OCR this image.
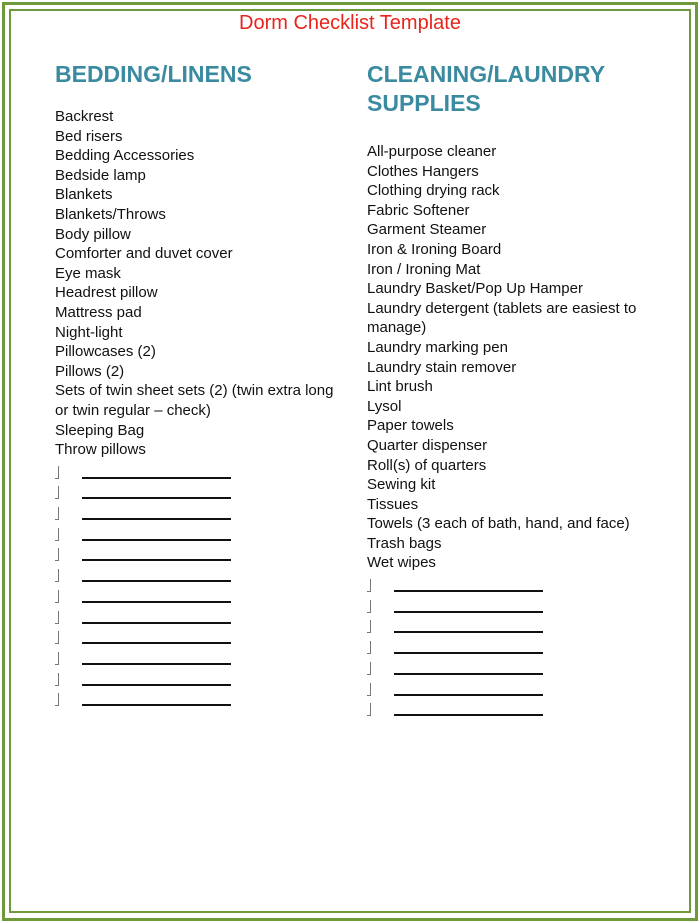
Dorm Checklist Template
BEDDING/LINENS
Backrest
Bed risers
Bedding Accessories
Bedside lamp
Blankets
Blankets/Throws
Body pillow
Comforter and duvet cover
Eye mask
Headrest pillow
Mattress pad
Night-light
Pillowcases (2)
Pillows (2)
Sets of twin sheet sets (2) (twin extra long or twin regular – check)
Sleeping Bag
Throw pillows
CLEANING/LAUNDRY SUPPLIES
All-purpose cleaner
Clothes Hangers
Clothing drying rack
Fabric Softener
Garment Steamer
Iron & Ironing Board
Iron / Ironing Mat
Laundry Basket/Pop Up Hamper
Laundry detergent (tablets are easiest to manage)
Laundry marking pen
Laundry stain remover
Lint brush
Lysol
Paper towels
Quarter dispenser
Roll(s) of quarters
Sewing kit
Tissues
Towels (3 each of bath, hand, and face)
Trash bags
Wet wipes
